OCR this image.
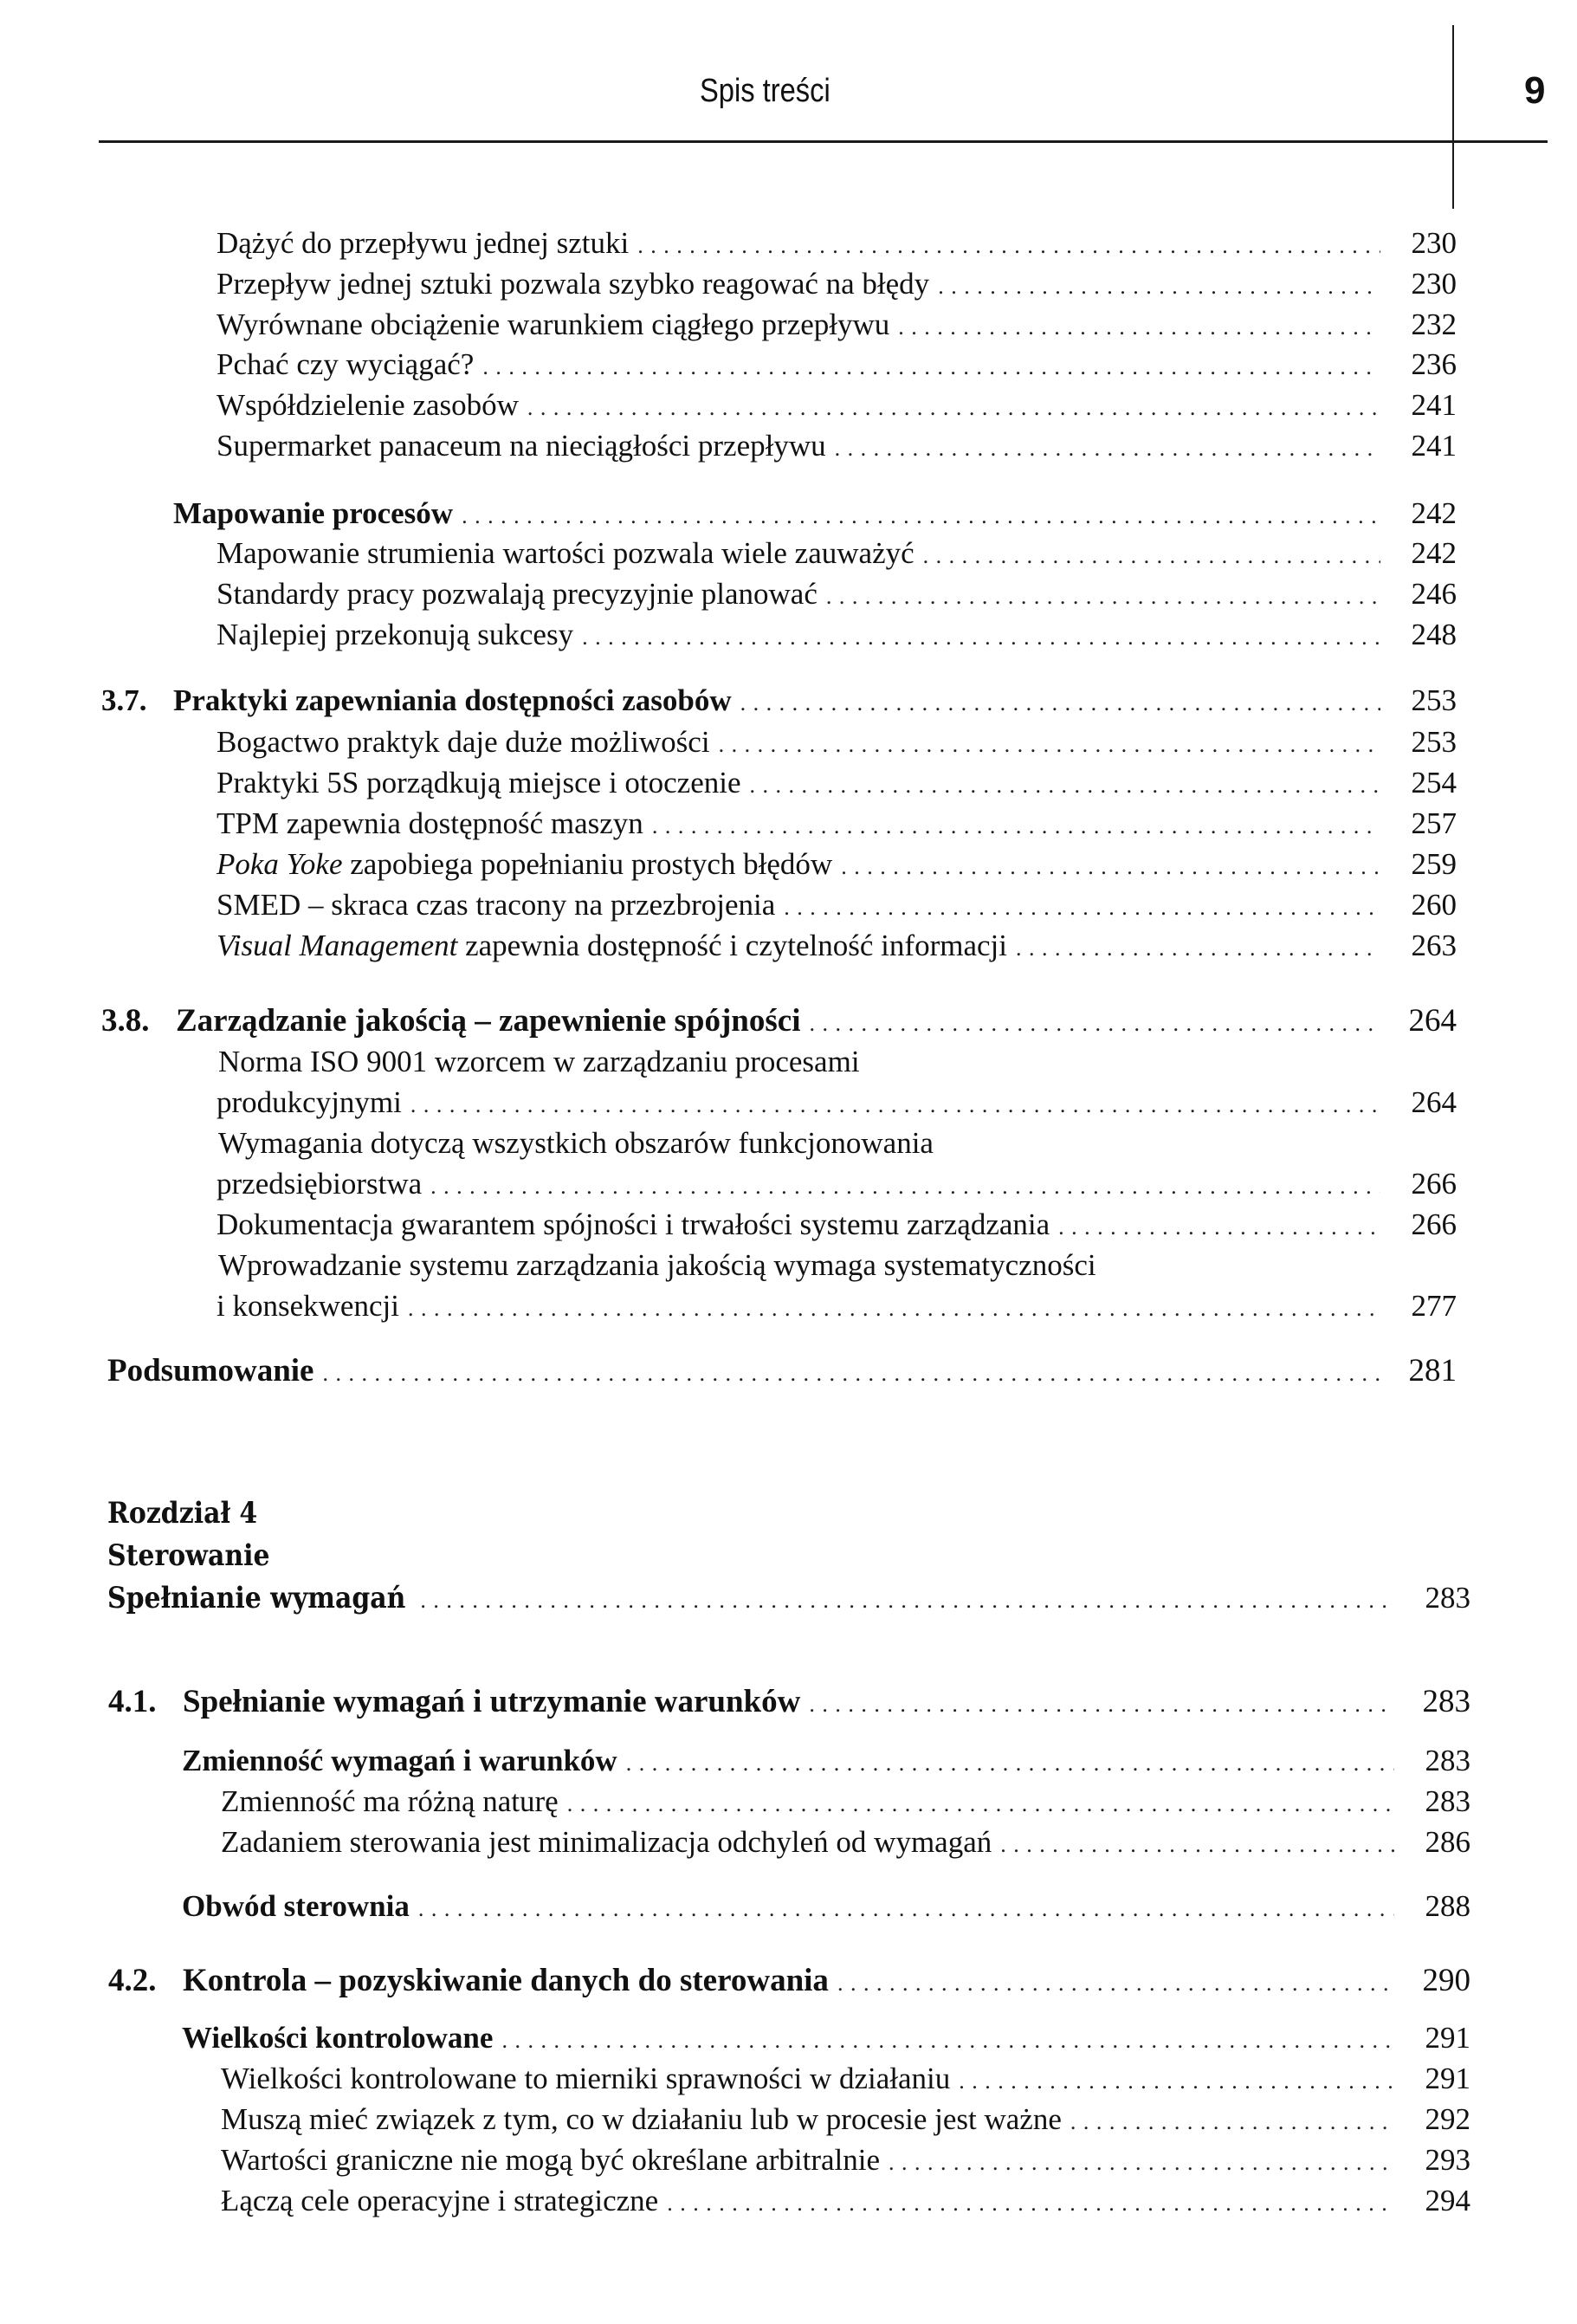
Spis treści	9
Dążyć do przepływu jednej sztuki . . .	230
Przepływ jednej sztuki pozwala szybko reagować na błędy . . .	230
Wyrównane obciążenie warunkiem ciągłego przepływu . . .	232
Pchać czy wyciągać? . . .	236
Współdzielenie zasobów . . .	241
Supermarket panaceum na nieciągłości przepływu . . .	241
Mapowanie procesów . . .	242
Mapowanie strumienia wartości pozwala wiele zauważyć . . .	242
Standardy pracy pozwalają precyzyjnie planować . . .	246
Najlepiej przekonują sukcesy . . .	248
3.7. Praktyki zapewniania dostępności zasobów . . .	253
Bogactwo praktyk daje duże możliwości . . .	253
Praktyki 5S porządkują miejsce i otoczenie . . .	254
TPM zapewnia dostępność maszyn . . .	257
Poka Yoke zapobiega popełnianiu prostych błędów . . .	259
SMED – skraca czas tracony na przezbrojenia . . .	260
Visual Management zapewnia dostępność i czytelność informacji . . .	263
3.8. Zarządzanie jakością – zapewnienie spójności . . .	264
Norma ISO 9001 wzorcem w zarządzaniu procesami
produkcyjnymi . . .	264
Wymagania dotyczą wszystkich obszarów funkcjonowania
przedsiębiorstwa . . .	266
Dokumentacja gwarantem spójności i trwałości systemu zarządzania . . .	266
Wprowadzanie systemu zarządzania jakością wymaga systematyczności
i konsekwencji . . .	277
Podsumowanie . . .	281
Rozdział 4
Sterowanie
Spełnianie wymagań . . .	283
4.1. Spełnianie wymagań i utrzymanie warunków . . .	283
Zmienność wymagań i warunków . . .	283
Zmienność ma różną naturę . . .	283
Zadaniem sterowania jest minimalizacja odchyleń od wymagań . . .	286
Obwód sterownia . . .	288
4.2. Kontrola – pozyskiwanie danych do sterowania . . .	290
Wielkości kontrolowane . . .	291
Wielkości kontrolowane to mierniki sprawności w działaniu . . .	291
Muszą mieć związek z tym, co w działaniu lub w procesie jest ważne . . .	292
Wartości graniczne nie mogą być określane arbitralnie . . .	293
Łączą cele operacyjne i strategiczne . . .	294
